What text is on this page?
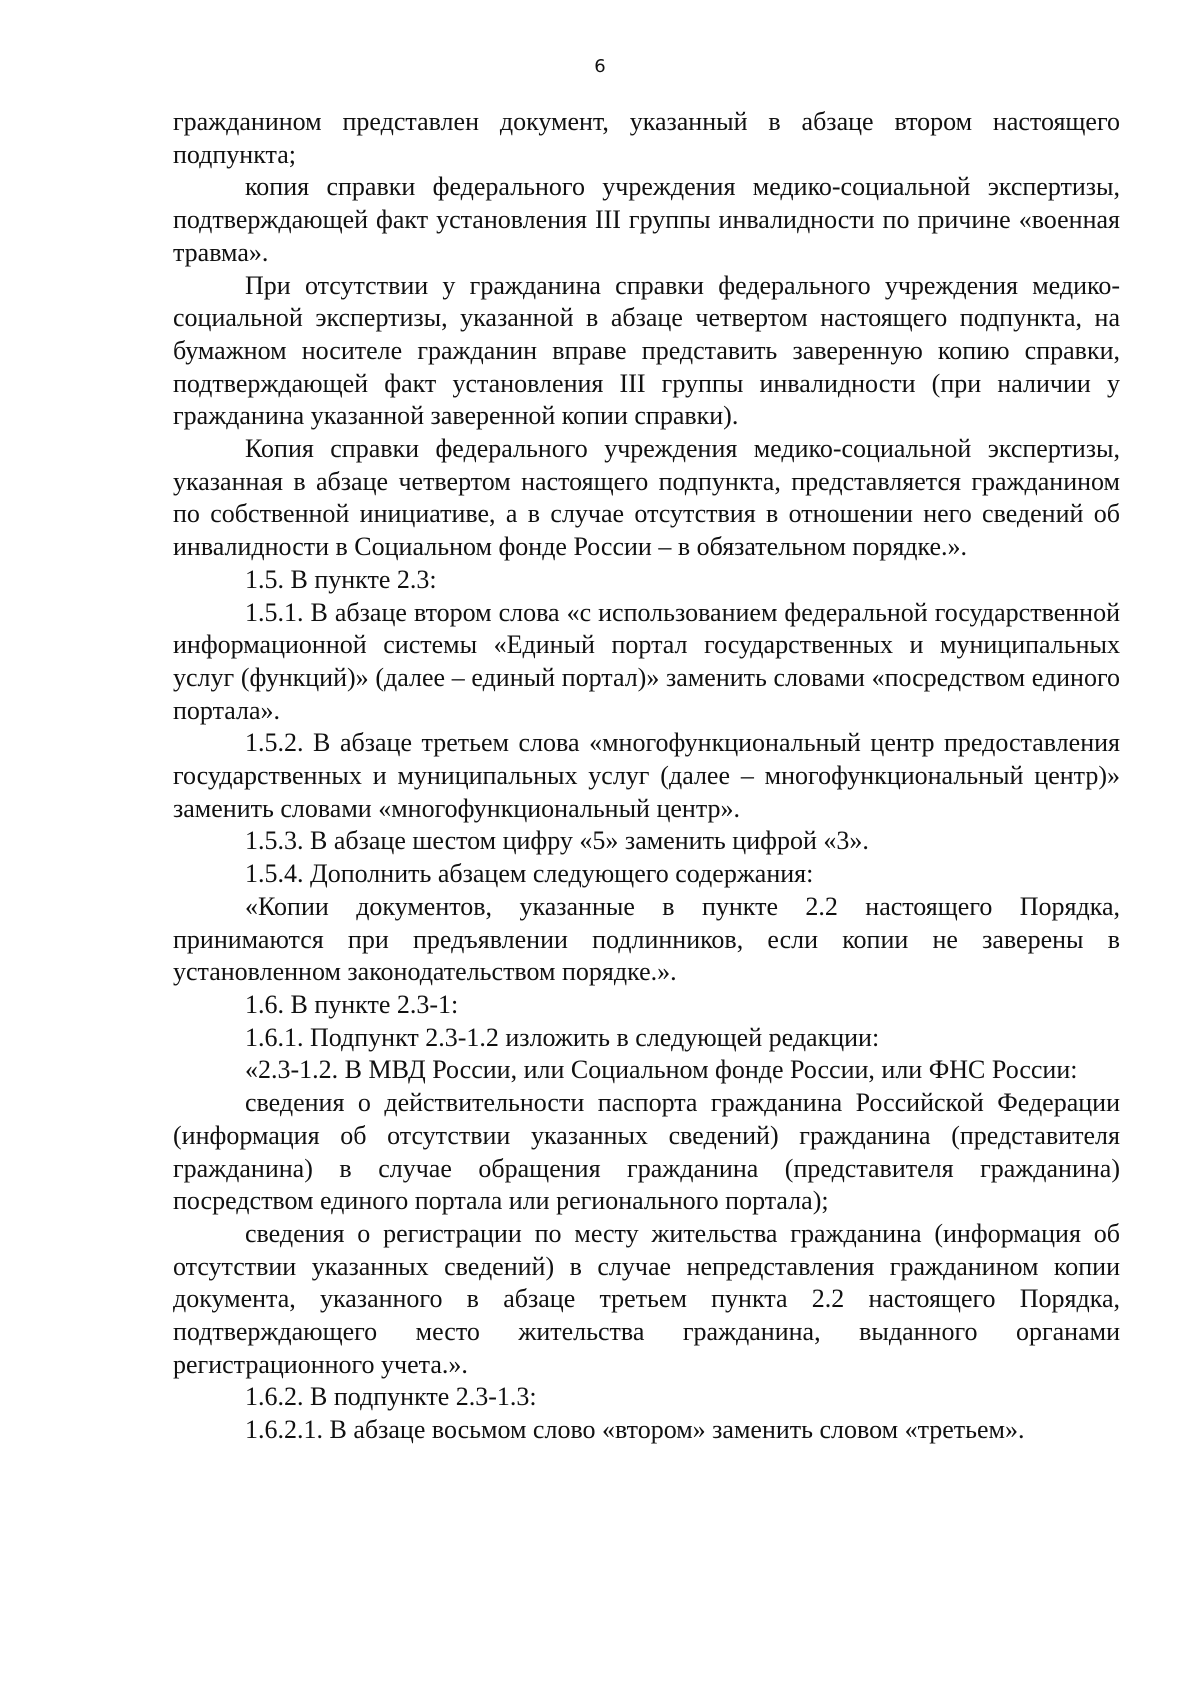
6

гражданином представлен документ, указанный в абзаце втором настоящего подпункта;

копия справки федерального учреждения медико-социальной экспертизы, подтверждающей факт установления III группы инвалидности по причине «военная травма».

При отсутствии у гражданина справки федерального учреждения медико-социальной экспертизы, указанной в абзаце четвертом настоящего подпункта, на бумажном носителе гражданин вправе представить заверенную копию справки, подтверждающей факт установления III группы инвалидности (при наличии у гражданина указанной заверенной копии справки).

Копия справки федерального учреждения медико-социальной экспертизы, указанная в абзаце четвертом настоящего подпункта, представляется гражданином по собственной инициативе, а в случае отсутствия в отношении него сведений об инвалидности в Социальном фонде России – в обязательном порядке.».

1.5. В пункте 2.3:

1.5.1. В абзаце втором слова «с использованием федеральной государственной информационной системы «Единый портал государственных и муниципальных услуг (функций)» (далее – единый портал)» заменить словами «посредством единого портала».

1.5.2. В абзаце третьем слова «многофункциональный центр предоставления государственных и муниципальных услуг (далее – многофункциональный центр)» заменить словами «многофункциональный центр».

1.5.3. В абзаце шестом цифру «5» заменить цифрой «3».

1.5.4. Дополнить абзацем следующего содержания:

«Копии документов, указанные в пункте 2.2 настоящего Порядка, принимаются при предъявлении подлинников, если копии не заверены в установленном законодательством порядке.».

1.6. В пункте 2.3-1:

1.6.1. Подпункт 2.3-1.2 изложить в следующей редакции:

«2.3-1.2. В МВД России, или Социальном фонде России, или ФНС России:

сведения о действительности паспорта гражданина Российской Федерации (информация об отсутствии указанных сведений) гражданина (представителя гражданина) в случае обращения гражданина (представителя гражданина) посредством единого портала или регионального портала);

сведения о регистрации по месту жительства гражданина (информация об отсутствии указанных сведений) в случае непредставления гражданином копии документа, указанного в абзаце третьем пункта 2.2 настоящего Порядка, подтверждающего место жительства гражданина, выданного органами регистрационного учета.».

1.6.2. В подпункте 2.3-1.3:

1.6.2.1. В абзаце восьмом слово «втором» заменить словом «третьем».
